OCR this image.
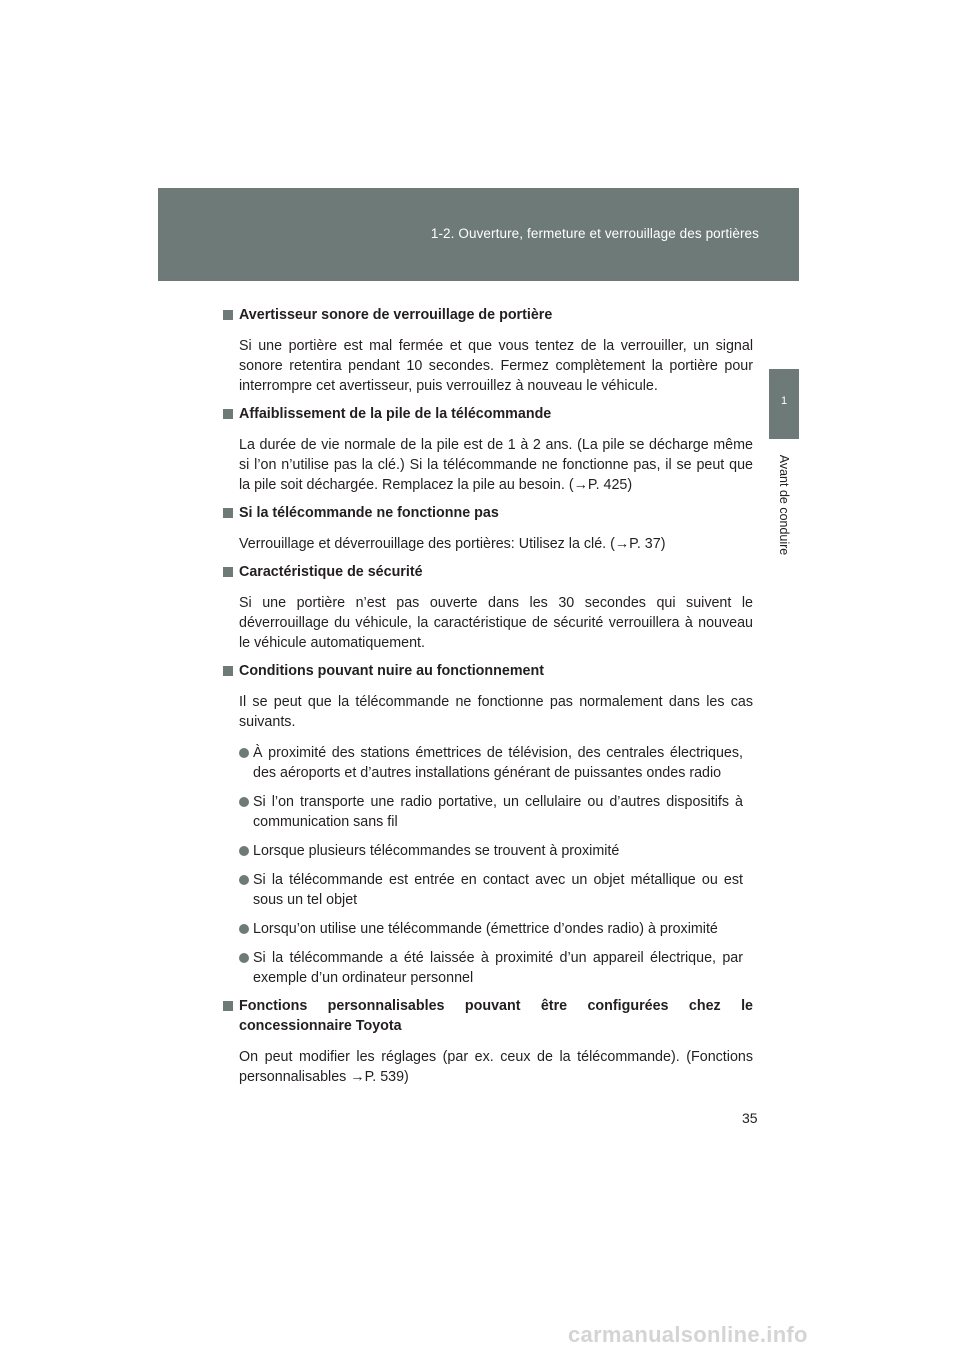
1-2. Ouverture, fermeture et verrouillage des portières
1
Avant de conduire
Avertisseur sonore de verrouillage de portière

Si une portière est mal fermée et que vous tentez de la verrouiller, un signal sonore retentira pendant 10 secondes. Fermez complètement la portière pour interrompre cet avertisseur, puis verrouillez à nouveau le véhicule.

Affaiblissement de la pile de la télécommande

La durée de vie normale de la pile est de 1 à 2 ans. (La pile se décharge même si l’on n’utilise pas la clé.) Si la télécommande ne fonctionne pas, il se peut que la pile soit déchargée. Remplacez la pile au besoin. (→P. 425)

Si la télécommande ne fonctionne pas

Verrouillage et déverrouillage des portières: Utilisez la clé. (→P. 37)

Caractéristique de sécurité

Si une portière n’est pas ouverte dans les 30 secondes qui suivent le déverrouillage du véhicule, la caractéristique de sécurité verrouillera à nouveau le véhicule automatiquement.

Conditions pouvant nuire au fonctionnement

Il se peut que la télécommande ne fonctionne pas normalement dans les cas suivants.

À proximité des stations émettrices de télévision, des centrales électriques, des aéroports et d’autres installations générant de puissantes ondes radio
Si l’on transporte une radio portative, un cellulaire ou d’autres dispositifs à communication sans fil
Lorsque plusieurs télécommandes se trouvent à proximité
Si la télécommande est entrée en contact avec un objet métallique ou est sous un tel objet
Lorsqu’on utilise une télécommande (émettrice d’ondes radio) à proximité
Si la télécommande a été laissée à proximité d’un appareil électrique, par exemple d’un ordinateur personnel
Fonctions personnalisables pouvant être configurées chez le concessionnaire Toyota

On peut modifier les réglages (par ex. ceux de la télécommande). (Fonctions personnalisables →P. 539)

35
carmanualsonline.info
